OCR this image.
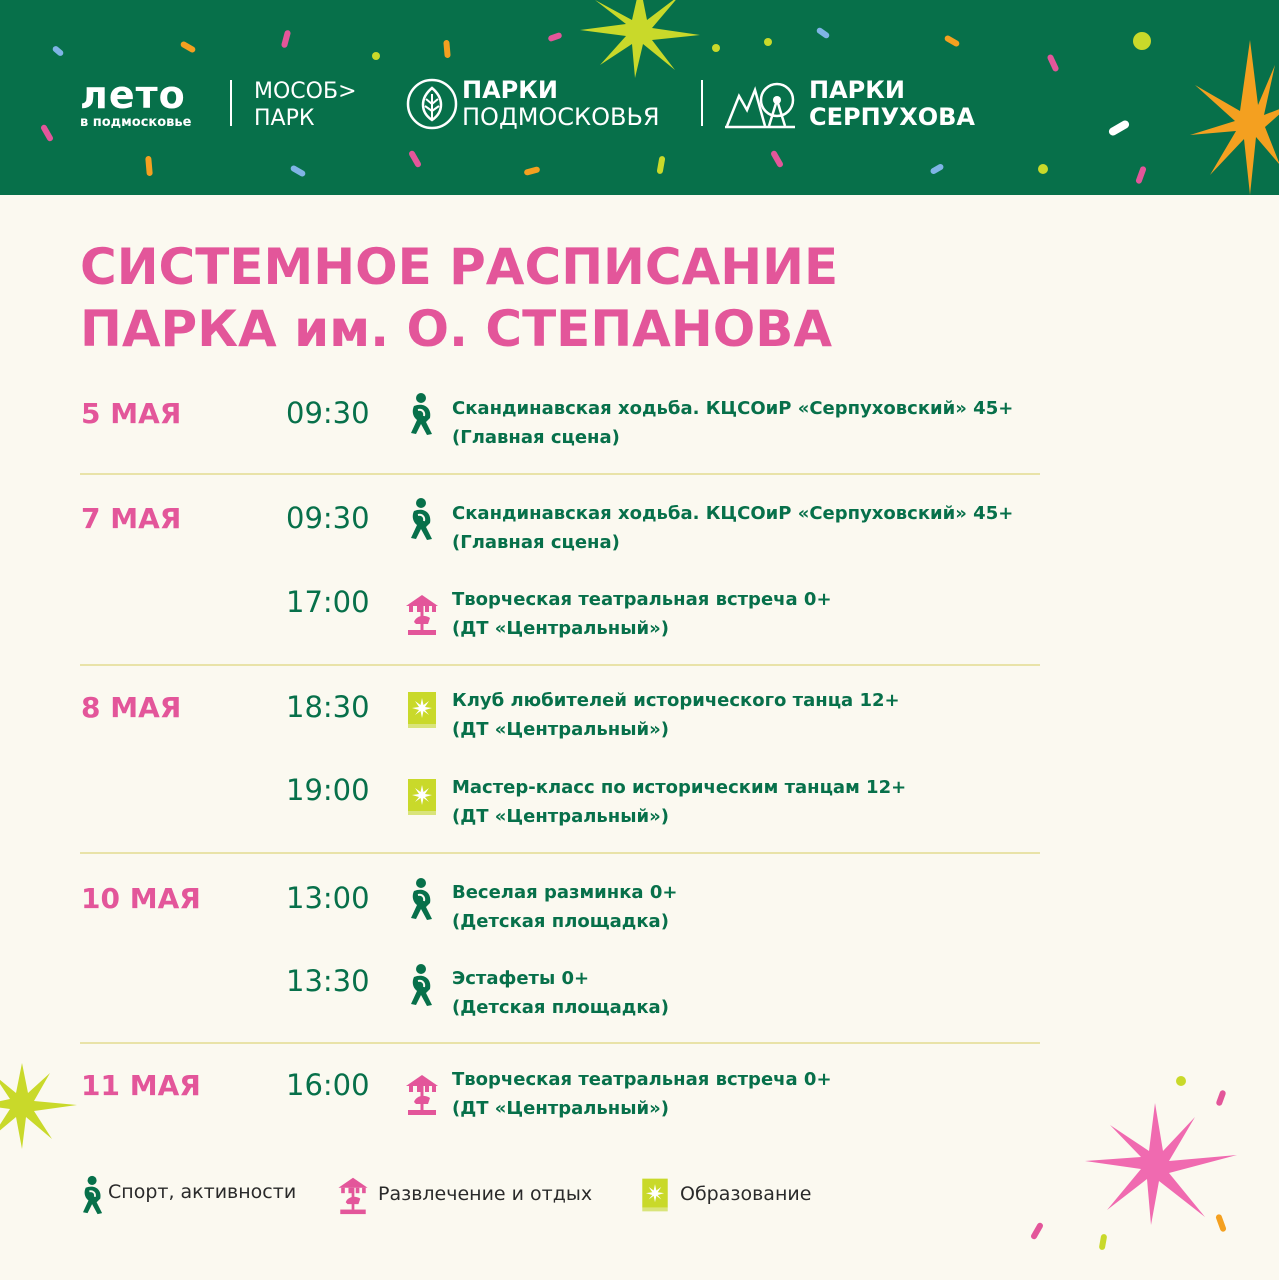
лето
в подмосковье
МОСОБ>
ПАРК
ПАРКИ
ПОДМОСКОВЬЯ
ПАРКИ
СЕРПУХОВА
СИСТЕМНОЕ РАСПИСАНИЕ
ПАРКА им. О. СТЕПАНОВА
5 МАЯ	09:30	Скандинавская ходьба. КЦСОиР «Серпуховский» 45+
(Главная сцена)
7 МАЯ	09:30	Скандинавская ходьба. КЦСОиР «Серпуховский» 45+
(Главная сцена)
17:00	Творческая театральная встреча 0+
(ДТ «Центральный»)
8 МАЯ	18:30	Клуб любителей исторического танца 12+
(ДТ «Центральный»)
19:00	Мастер-класс по историческим танцам 12+
(ДТ «Центральный»)
10 МАЯ	13:00	Веселая разминка 0+
(Детская площадка)
13:30	Эстафеты 0+
(Детская площадка)
11 МАЯ	16:00	Творческая театральная встреча 0+
(ДТ «Центральный»)
Спорт, активности	Развлечение и отдых	Образование
